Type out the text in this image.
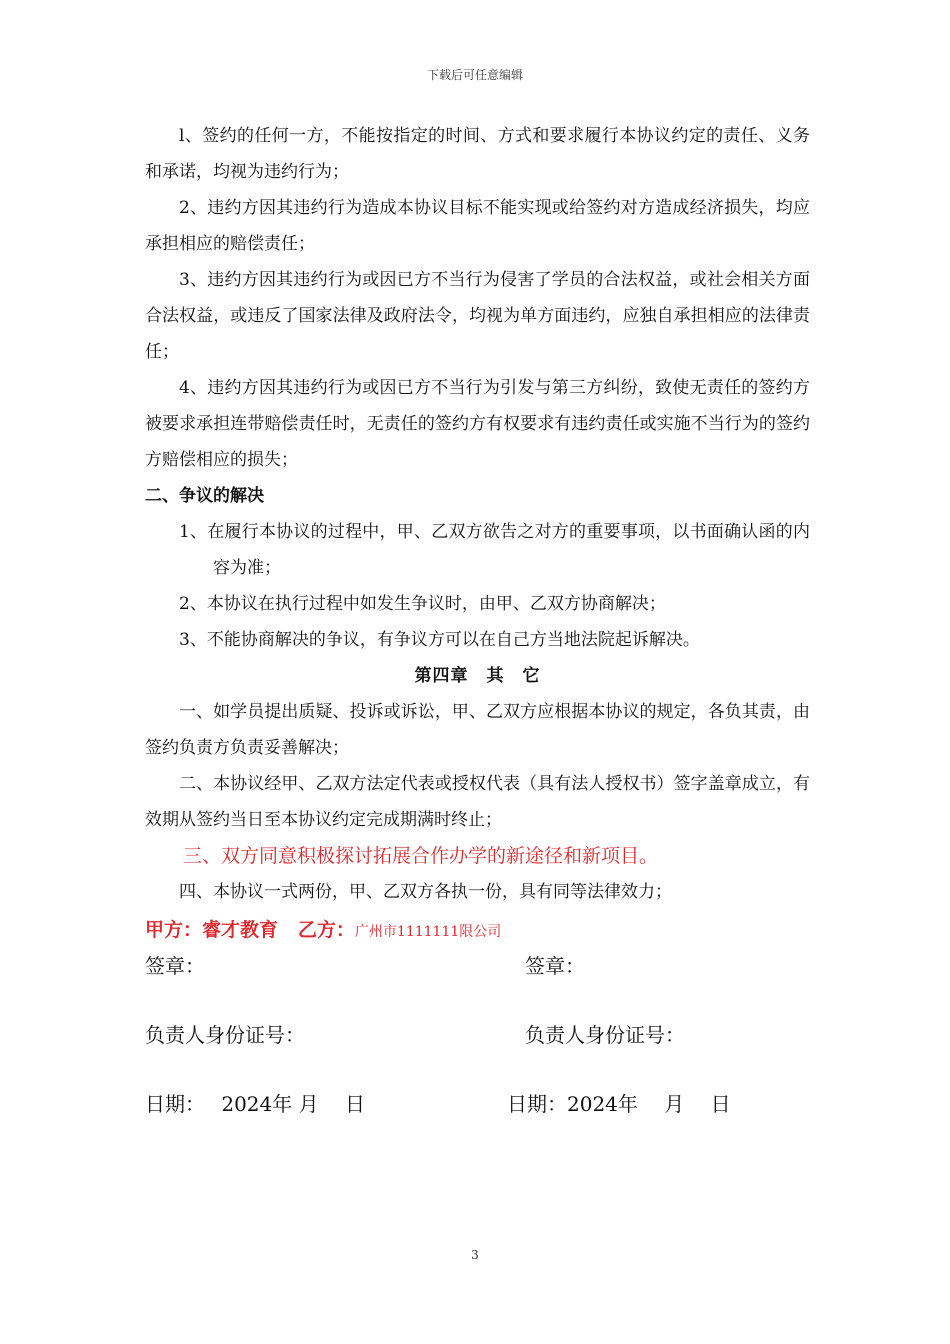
下载后可任意编辑

l、签约的任何一方，不能按指定的时间、方式和要求履行本协议约定的责任、义务和承诺，均视为违约行为；

2、违约方因其违约行为造成本协议目标不能实现或给签约对方造成经济损失，均应承担相应的赔偿责任；

3、违约方因其违约行为或因已方不当行为侵害了学员的合法权益，或社会相关方面合法权益，或违反了国家法律及政府法令，均视为单方面违约，应独自承担相应的法律责任；

4、违约方因其违约行为或因已方不当行为引发与第三方纠纷，致使无责任的签约方被要求承担连带赔偿责任时，无责任的签约方有权要求有违约责任或实施不当行为的签约方赔偿相应的损失；

二、争议的解决

1、在履行本协议的过程中，甲、乙双方欲告之对方的重要事项，以书面确认函的内容为准；

2、本协议在执行过程中如发生争议时，由甲、乙双方协商解决；

3、不能协商解决的争议，有争议方可以在自己方当地法院起诉解决。

第四章　其　它

一、如学员提出质疑、投诉或诉讼，甲、乙双方应根据本协议的规定，各负其责，由签约负责方负责妥善解决；

二、本协议经甲、乙双方法定代表或授权代表（具有法人授权书）签字盖章成立，有效期从签约当日至本协议约定完成期满时终止；

三、双方同意积极探讨拓展合作办学的新途径和新项目。

四、本协议一式两份，甲、乙双方各执一份，具有同等法律效力；

甲方：睿才教育 乙方：广州市1111111限公司

签章：	签章：
负责人身份证号：	负责人身份证号：
日期：　 2024年 月　 日	日期：2024年　 月　 日
3
